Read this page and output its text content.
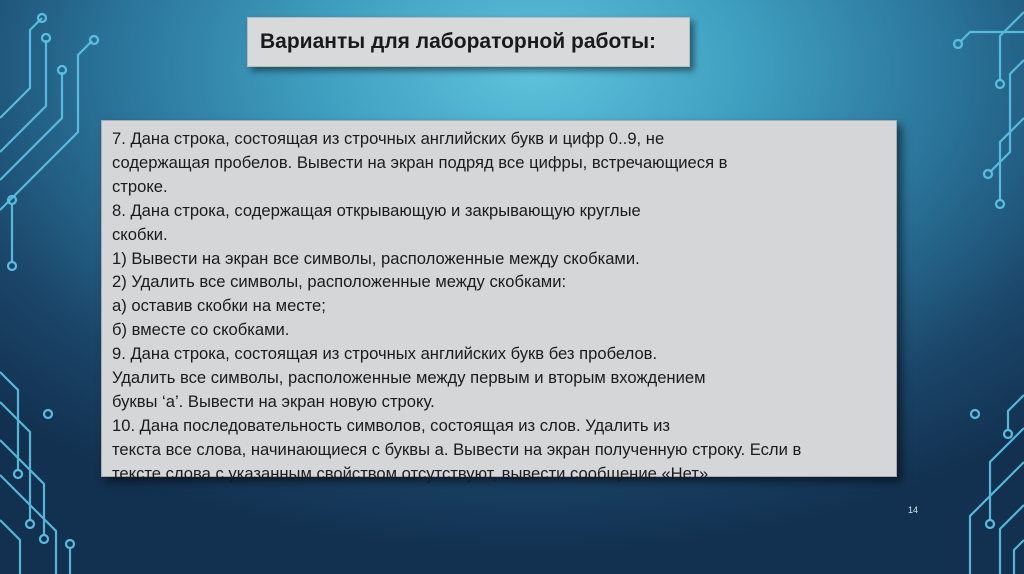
Варианты для лабораторной работы:
7. Дана строка, состоящая из строчных английских букв и цифр 0..9, не
содержащая пробелов. Вывести на экран подряд все цифры, встречающиеся в
строке.
8. Дана строка, содержащая открывающую и закрывающую круглые
скобки.
1) Вывести на экран все символы, расположенные между скобками.
2) Удалить все символы, расположенные между скобками:
а) оставив скобки на месте;
б) вместе со скобками.
9. Дана строка, состоящая из строчных английских букв без пробелов.
Удалить все символы, расположенные между первым и вторым вхождением
буквы ‘а’. Вывести на экран новую строку.
10. Дана последовательность символов, состоящая из слов. Удалить из
текста все слова, начинающиеся с буквы а. Вывести на экран полученную строку. Если в
тексте слова с указанным свойством отсутствуют, вывести сообщение «Нет».
14
